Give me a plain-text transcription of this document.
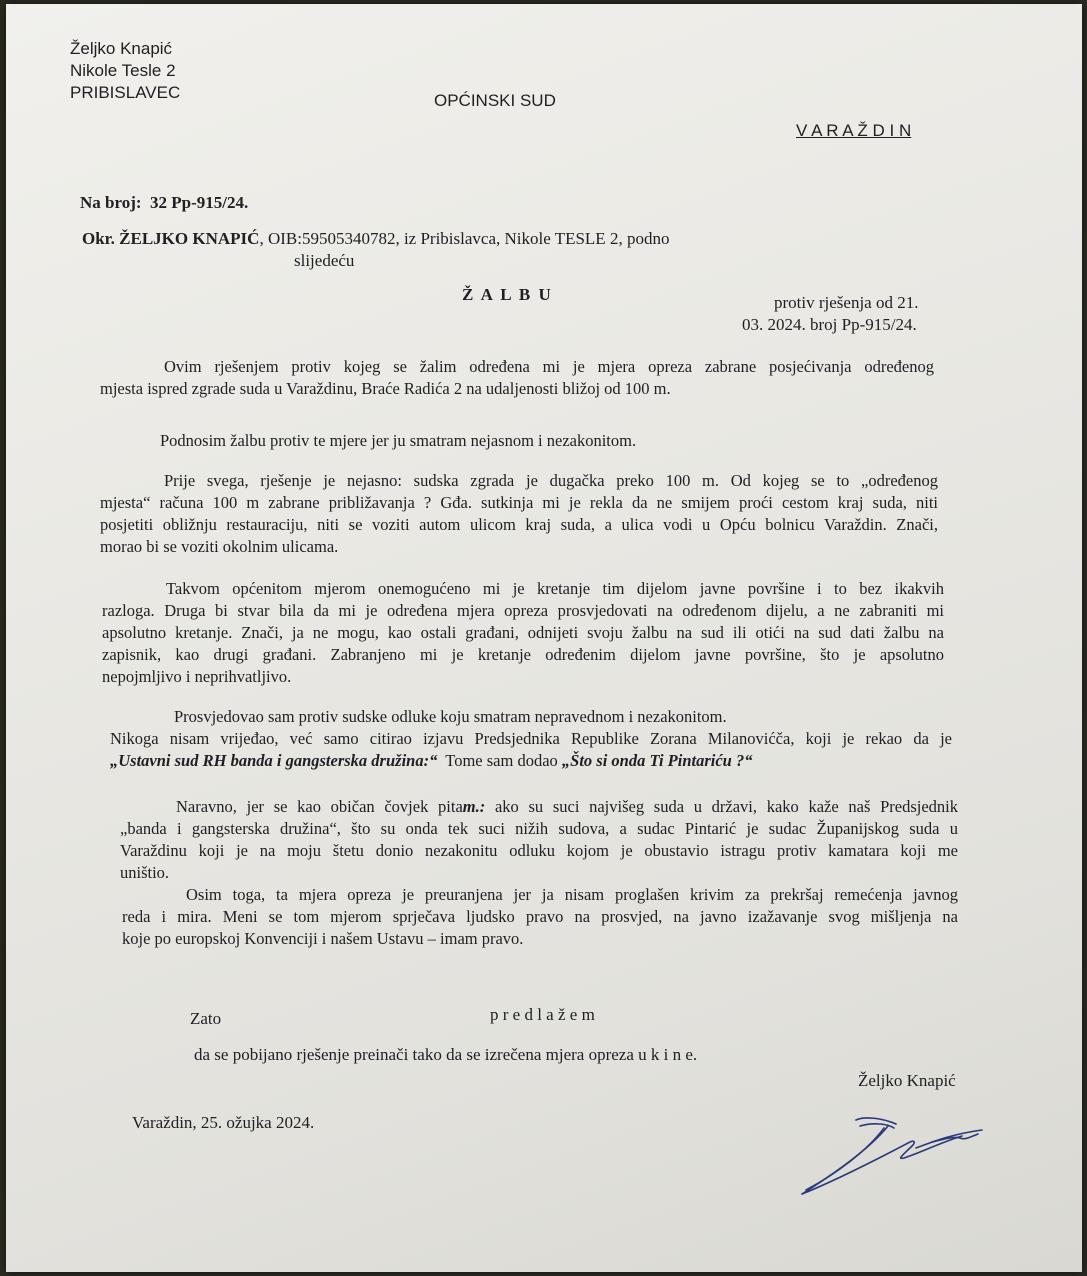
Željko Knapić
Nikole Tesle 2
PRIBISLAVEC	OPĆINSKI SUD
V A R A Ž D I N
Na broj: 32 Pp-915/24.
Okr. ŽELJKO KNAPIĆ, OIB:59505340782, iz Pribislavca, Nikole TESLE 2, podno
slijedeću
Ž A L B U	protiv rješenja od 21.
03. 2024. broj Pp-915/24.
Ovim rješenjem protiv kojeg se žalim određena mi je mjera opreza zabrane posjećivanja određenog
mjesta ispred zgrade suda u Varaždinu, Braće Radića 2 na udaljenosti bližoj od 100 m.
Podnosim žalbu protiv te mjere jer ju smatram nejasnom i nezakonitom.
Prije svega, rješenje je nejasno: sudska zgrada je dugačka preko 100 m. Od kojeg se to „određenog
mjesta“ računa 100 m zabrane približavanja ? Gđa. sutkinja mi je rekla da ne smijem proći cestom kraj suda, niti
posjetiti obližnju restauraciju, niti se voziti autom ulicom kraj suda, a ulica vodi u Opću bolnicu Varaždin. Znači,
morao bi se voziti okolnim ulicama.
Takvom općenitom mjerom onemogućeno mi je kretanje tim dijelom javne površine i to bez ikakvih
razloga. Druga bi stvar bila da mi je određena mjera opreza prosvjedovati na određenom dijelu, a ne zabraniti mi
apsolutno kretanje. Znači, ja ne mogu, kao ostali građani, odnijeti svoju žalbu na sud ili otići na sud dati žalbu na
zapisnik, kao drugi građani. Zabranjeno mi je kretanje određenim dijelom javne površine, što je apsolutno
nepojmljivo i neprihvatljivo.
Prosvjedovao sam protiv sudske odluke koju smatram nepravednom i nezakonitom.
Nikoga nisam vrijeđao, već samo citirao izjavu Predsjednika Republike Zorana Milanovićča, koji je rekao da je
„Ustavni sud RH banda i gangsterska družina:“  Tome sam dodao „Što si onda Ti Pintariću ?“
Naravno, jer se kao običan čovjek pitam.: ako su suci najvišeg suda u državi, kako kaže naš Predsjednik
„banda i gangsterska družina“, što su onda tek suci nižih sudova, a sudac Pintarić je sudac Županijskog suda u
Varaždinu koji je na moju štetu donio nezakonitu odluku kojom je obustavio istragu protiv kamatara koji me
uništio.
Osim toga, ta mjera opreza je preuranjena jer ja nisam proglašen krivim za prekršaj remećenja javnog
reda i mira. Meni se tom mjerom sprječava ljudsko pravo na prosvjed, na javno izažavanje svog mišljenja na
koje po europskoj Konvenciji i našem Ustavu – imam pravo.
Zato	p r e d l a ž e m
da se pobijano rješenje preinači tako da se izrečena mjera opreza u k i n e.
Željko Knapić
Varaždin, 25. ožujka 2024.
